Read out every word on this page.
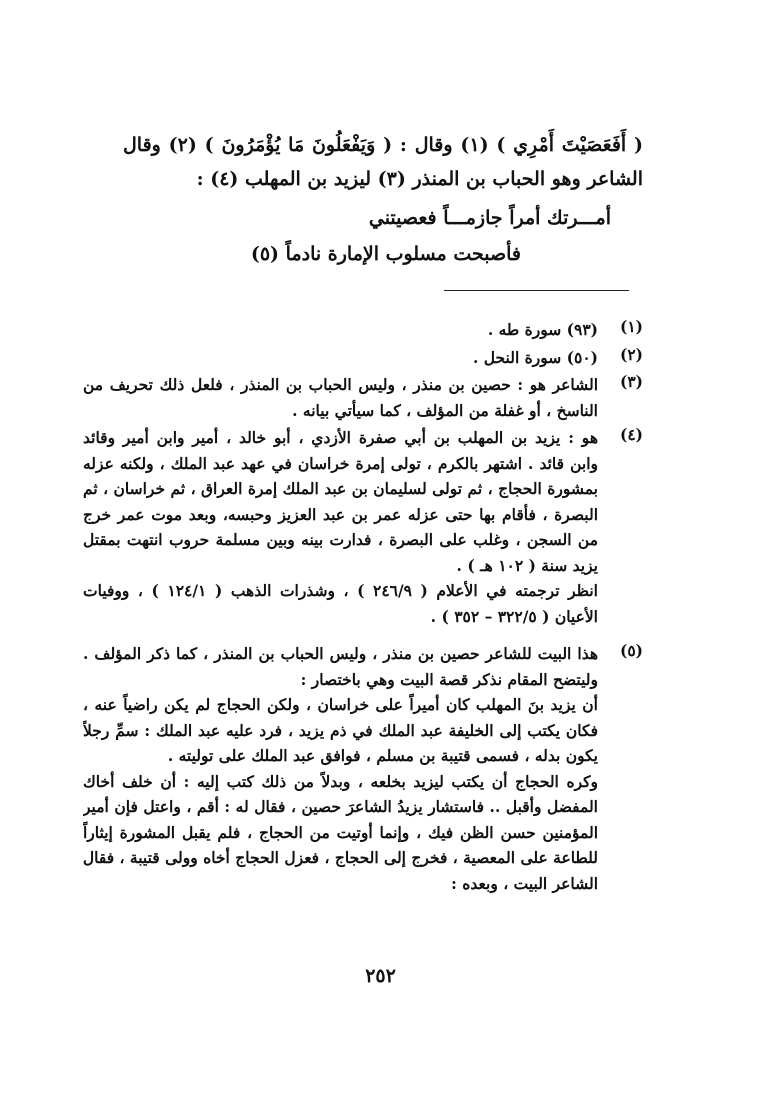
( أَفَعَصَيْتَ أَمْرِي ) (١) وقال : ( وَيَفْعَلُونَ مَا يُؤْمَرُونَ ) (٢) وقال
الشاعر وهو الحباب بن المنذر (٣) ليزيد بن المهلب (٤) :
أمـــرتك أمراً جازمـــاً فعصيتني
فأصبحت مسلوب الإمارة نادماً (٥)
(١)
(٩٣) سورة طه .
(٢)
(٥٠) سورة النحل .
(٣)
الشاعر هو : حصين بن منذر ، وليس الحباب بن المنذر ، فلعل ذلك تحريف من
الناسخ ، أو غفلة من المؤلف ، كما سيأتي بيانه .
(٤)
هو : يزيد بن المهلب بن أبي صفرة الأزدي ، أبو خالد ، أمير وابن أمير وقائد
وابن قائد . اشتهر بالكرم ، تولى إمرة خراسان في عهد عبد الملك ، ولكنه عزله
بمشورة الحجاج ، ثم تولى لسليمان بن عبد الملك إمرة العراق ، ثم خراسان ، ثم
البصرة ، فأقام بها حتى عزله عمر بن عبد العزيز وحبسه، وبعد موت عمر خرج
من السجن ، وغلب على البصرة ، فدارت بينه وبين مسلمة حروب انتهت بمقتل
يزيد سنة ( ١٠٢ هـ ) .
انظر ترجمته في الأعلام ( ٢٤٦/٩ ) ، وشذرات الذهب ( ١٢٤/١ ) ، ووفيات
الأعيان ( ٣٢٢/٥ – ٣٥٢ ) .
(٥)
هذا البيت للشاعر حصين بن منذر ، وليس الحباب بن المنذر ، كما ذكر المؤلف .
وليتضح المقام نذكر قصة البيت وهي باختصار :
أن يزيد بنَ المهلب كان أميراً على خراسان ، ولكن الحجاج لم يكن راضياً عنه ،
فكان يكتب إلى الخليفة عبد الملك في ذم يزيد ، فرد عليه عبد الملك : سمِّ رجلاً
يكون بدله ، فسمى قتيبة بن مسلم ، فوافق عبد الملك على توليته .
وكره الحجاج أن يكتب ليزيد بخلعه ، وبدلاً من ذلك كتب إليه : أن خلف أخاك
المفضل وأقبل .. فاستشار يزيدُ الشاعرَ حصين ، فقال له : أقم ، واعتل فإن أمير
المؤمنين حسن الظن فيك ، وإنما أوتيت من الحجاج ، فلم يقبل المشورة إيثاراً
للطاعة على المعصية ، فخرج إلى الحجاج ، فعزل الحجاج أخاه وولى قتيبة ، فقال
الشاعر البيت ، وبعده :
٢٥٢
